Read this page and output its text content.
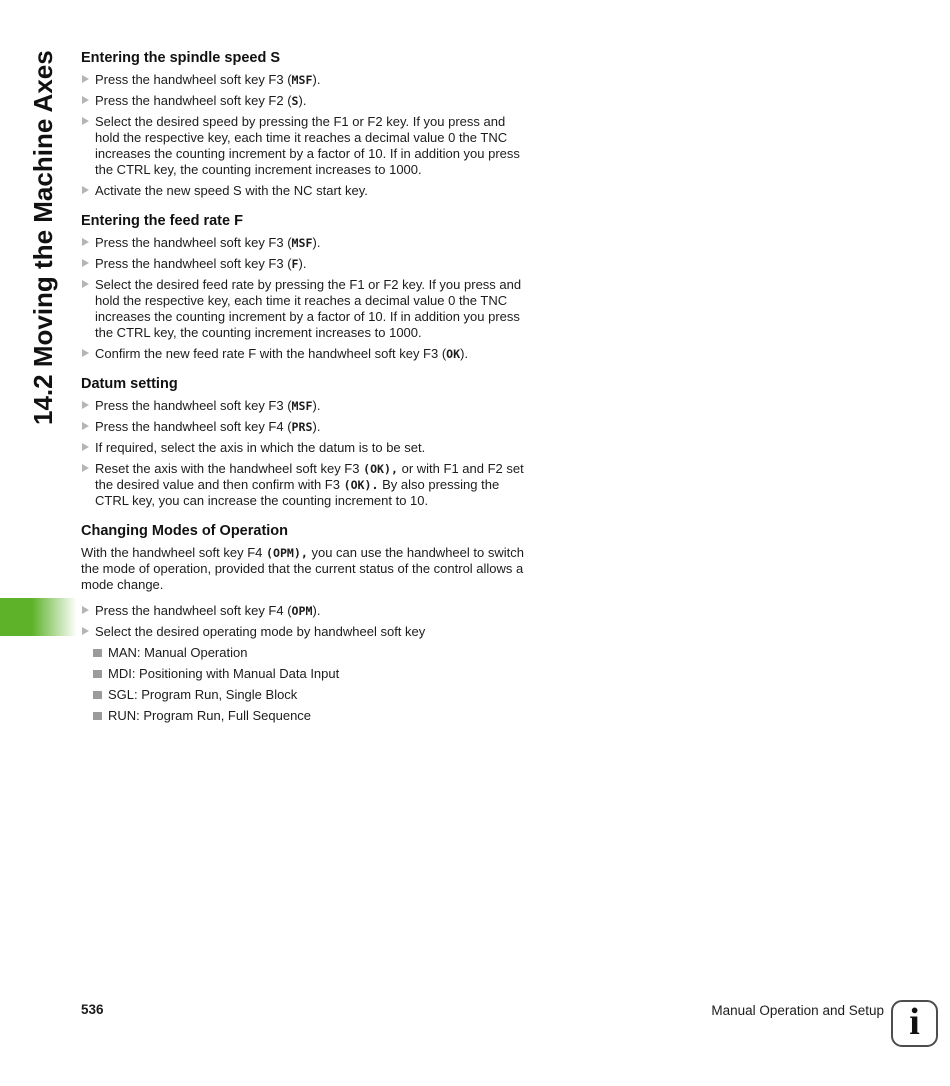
14.2 Moving the Machine Axes Entering the spindle speed S
Press the handwheel soft key F3 (MSF).
Press the handwheel soft key F2 (S).
Select the desired speed by pressing the F1 or F2 key. If you press and hold the respective key, each time it reaches a decimal value 0 the TNC increases the counting increment by a factor of 10. If in addition you press the CTRL key, the counting increment increases to 1000.
Activate the new speed S with the NC start key.
Entering the feed rate F
Press the handwheel soft key F3 (MSF).
Press the handwheel soft key F3 (F).
Select the desired feed rate by pressing the F1 or F2 key. If you press and hold the respective key, each time it reaches a decimal value 0 the TNC increases the counting increment by a factor of 10. If in addition you press the CTRL key, the counting increment increases to 1000.
Confirm the new feed rate F with the handwheel soft key F3 (OK).
Datum setting
Press the handwheel soft key F3 (MSF).
Press the handwheel soft key F4 (PRS).
If required, select the axis in which the datum is to be set.
Reset the axis with the handwheel soft key F3 (OK), or with F1 and F2 set the desired value and then confirm with F3 (OK). By also pressing the CTRL key, you can increase the counting increment to 10.
Changing Modes of Operation

With the handwheel soft key F4 (OPM), you can use the handwheel to switch the mode of operation, provided that the current status of the control allows a mode change.

Press the handwheel soft key F4 (OPM).
Select the desired operating mode by handwheel soft key
MAN: Manual Operation
MDI: Positioning with Manual Data Input
SGL: Program Run, Single Block
RUN: Program Run, Full Sequence
536	Manual Operation and Setup i
